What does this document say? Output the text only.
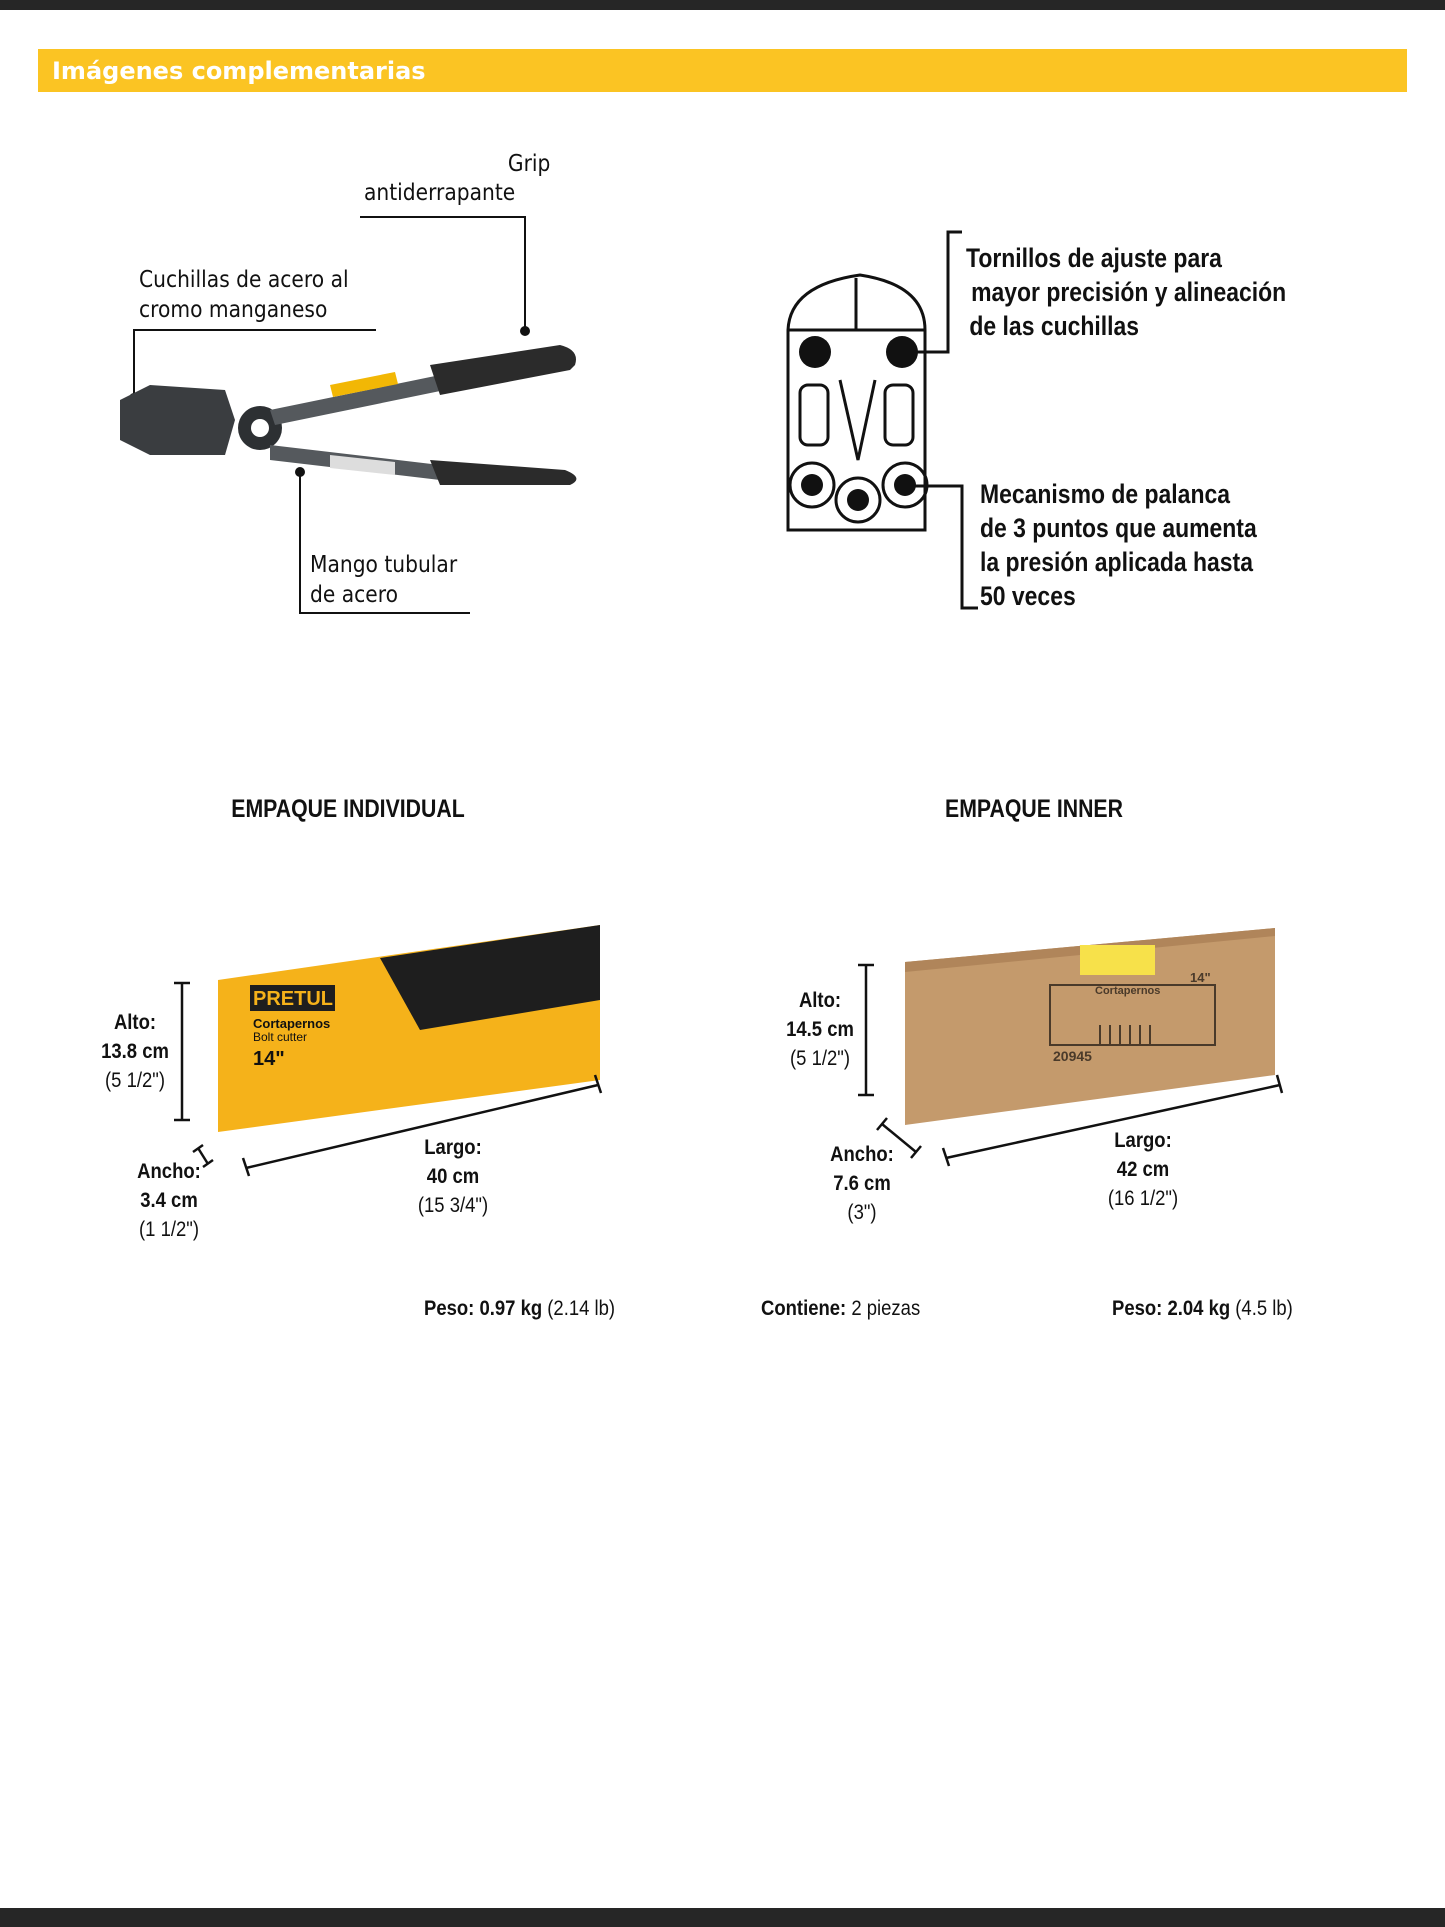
Imágenes complementarias
Grip
antiderrapante
Cuchillas de acero al
cromo manganeso
Mango tubular
de acero
Tornillos de ajuste para
mayor precisión y alineación
de las cuchillas
Mecanismo de palanca
de 3 puntos que aumenta
la presión aplicada hasta
50 veces
EMPAQUE INDIVIDUAL
PRETUL
Cortapernos
Bolt cutter
14"
Alto:
13.8 cm
(5 1/2")
Ancho:
3.4 cm
(1 1/2")
Largo:
40 cm
(15 3/4")
EMPAQUE INNER
20945
Cortapernos
14"
Alto:
14.5 cm
(5 1/2")
Ancho:
7.6 cm
(3")
Largo:
42 cm
(16 1/2")
Peso: 0.97 kg (2.14 lb)	Contiene: 2 piezas	Peso: 2.04 kg (4.5 lb)
